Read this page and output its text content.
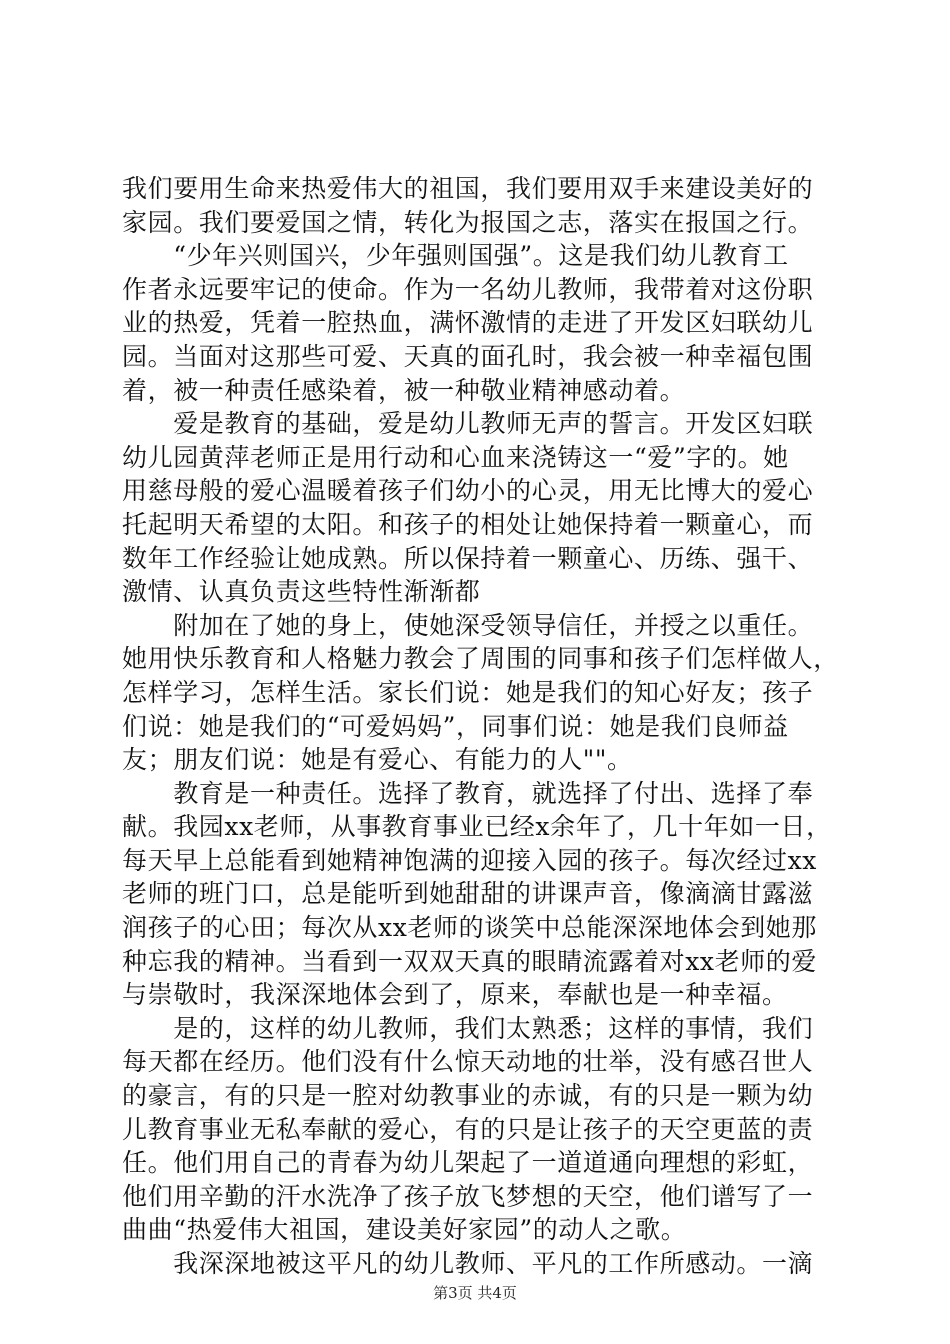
我们要用生命来热爱伟大的祖国，我们要用双手来建设美好的
家园。我们要爱国之情，转化为报国之志，落实在报国之行。
　　“少年兴则国兴，少年强则国强”。这是我们幼儿教育工
作者永远要牢记的使命。作为一名幼儿教师，我带着对这份职
业的热爱，凭着一腔热血，满怀激情的走进了开发区妇联幼儿
园。当面对这那些可爱、天真的面孔时，我会被一种幸福包围
着，被一种责任感染着，被一种敬业精神感动着。
　　爱是教育的基础，爱是幼儿教师无声的誓言。开发区妇联
幼儿园黄萍老师正是用行动和心血来浇铸这一“爱”字的。她
用慈母般的爱心温暖着孩子们幼小的心灵，用无比博大的爱心
托起明天希望的太阳。和孩子的相处让她保持着一颗童心，而
数年工作经验让她成熟。所以保持着一颗童心、历练、强干、
激情、认真负责这些特性渐渐都
　　附加在了她的身上，使她深受领导信任，并授之以重任。
她用快乐教育和人格魅力教会了周围的同事和孩子们怎样做人，
怎样学习，怎样生活。家长们说：她是我们的知心好友；孩子
们说：她是我们的“可爱妈妈”，同事们说：她是我们良师益
友；朋友们说：她是有爱心、有能力的人""。
　　教育是一种责任。选择了教育，就选择了付出、选择了奉
献。我园xx老师，从事教育事业已经x余年了，几十年如一日，
每天早上总能看到她精神饱满的迎接入园的孩子。每次经过xx
老师的班门口，总是能听到她甜甜的讲课声音，像滴滴甘露滋
润孩子的心田；每次从xx老师的谈笑中总能深深地体会到她那
种忘我的精神。当看到一双双天真的眼睛流露着对xx老师的爱
与崇敬时，我深深地体会到了，原来，奉献也是一种幸福。
　　是的，这样的幼儿教师，我们太熟悉；这样的事情，我们
每天都在经历。他们没有什么惊天动地的壮举，没有感召世人
的豪言，有的只是一腔对幼教事业的赤诚，有的只是一颗为幼
儿教育事业无私奉献的爱心，有的只是让孩子的天空更蓝的责
任。他们用自己的青春为幼儿架起了一道道通向理想的彩虹，
他们用辛勤的汗水洗净了孩子放飞梦想的天空，他们谱写了一
曲曲“热爱伟大祖国，建设美好家园”的动人之歌。
　　我深深地被这平凡的幼儿教师、平凡的工作所感动。一滴
第3页 共4页
